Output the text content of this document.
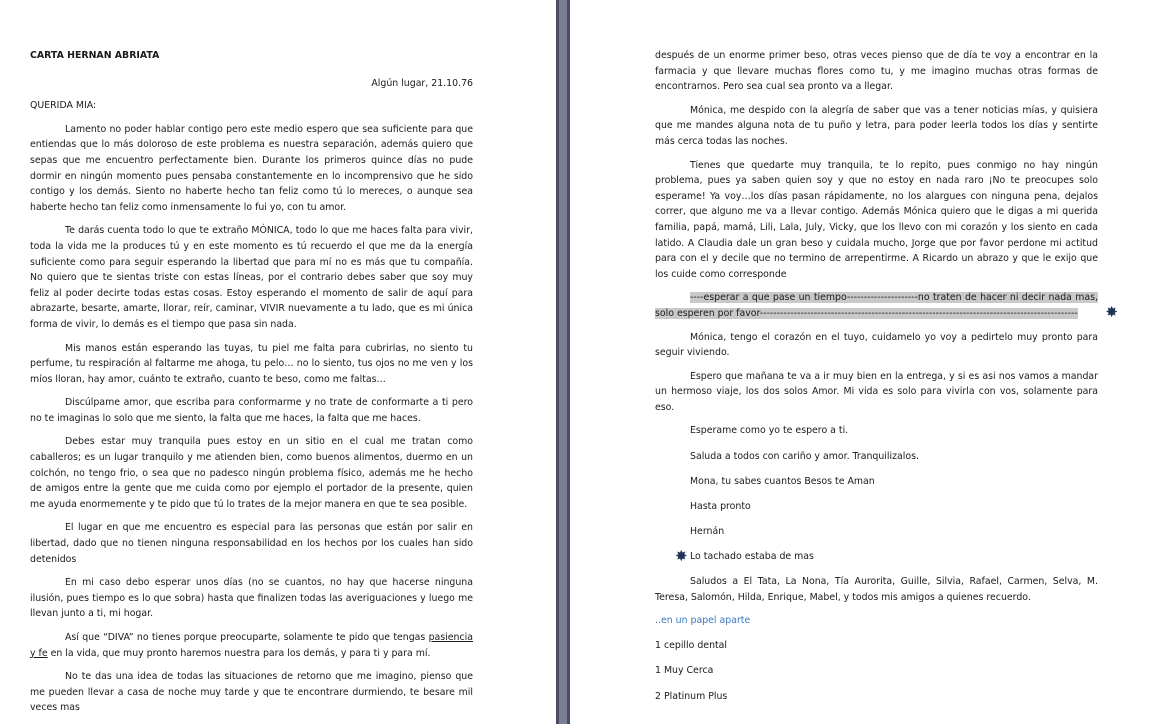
CARTA HERNAN ABRIATA

Algún lugar, 21.10.76

QUERIDA MIA:

Lamento no poder hablar contigo pero este medio espero que sea suficiente para que entiendas que lo más doloroso de este problema es nuestra separación, además quiero que sepas que me encuentro perfectamente bien. Durante los primeros quince días no pude dormir en ningún momento pues pensaba constantemente en lo incomprensivo que he sido contigo y los demás. Siento no haberte hecho tan feliz como tú lo mereces, o aunque sea haberte hecho tan feliz como inmensamente lo fui yo, con tu amor.

Te darás cuenta todo lo que te extraño MÓNICA, todo lo que me haces falta para vivir, toda la vida me la produces tú y en este momento es tú recuerdo el que me da la energía suficiente como para seguir esperando la libertad que para mí no es más que tu compañía. No quiero que te sientas triste con estas líneas, por el contrario debes saber que soy muy feliz al poder decirte todas estas cosas. Estoy esperando el momento de salir de aquí para abrazarte, besarte, amarte, llorar, reír, caminar, VIVIR nuevamente a tu lado, que es mi única forma de vivir, lo demás es el tiempo que pasa sin nada.

Mis manos están esperando las tuyas, tu piel me falta para cubrirlas, no siento tu perfume, tu respiración al faltarme me ahoga, tu pelo… no lo siento, tus ojos no me ven y los míos lloran, hay amor, cuánto te extraño, cuanto te beso, como me faltas…

Discúlpame amor, que escriba para conformarme y no trate de conformarte a ti pero no te imaginas lo solo que me siento, la falta que me haces, la falta que me haces.

Debes estar muy tranquila pues estoy en un sitio en el cual me tratan como caballeros; es un lugar tranquilo y me atienden bien, como buenos alimentos, duermo en un colchón, no tengo frio, o sea que no padesco ningún problema físico, además me he hecho de amigos entre la gente que me cuida como por ejemplo el portador de la presente, quien me ayuda enormemente y te pido que tú lo trates de la mejor manera en que te sea posible.

El lugar en que me encuentro es especial para las personas que están por salir en libertad, dado que no tienen ninguna responsabilidad en los hechos por los cuales han sido detenidos

En mi caso debo esperar unos días (no se cuantos, no hay que hacerse ninguna ilusión, pues tiempo es lo que sobra) hasta que finalizen todas las averiguaciones y luego me llevan junto a ti, mi hogar.

Así que “DIVA” no tienes porque preocuparte, solamente te pido que tengas pasiencia y fe en la vida, que muy pronto haremos nuestra para los demás, y para ti y para mí.

No te das una idea de todas las situaciones de retorno que me imagino, pienso que me pueden llevar a casa de noche muy tarde y que te encontrare durmiendo, te besare mil veces mas

después de un enorme primer beso, otras veces pienso que de día te voy a encontrar en la farmacia y que llevare muchas flores como tu, y me imagino muchas otras formas de encontrarnos. Pero sea cual sea pronto va a llegar.

Mónica, me despido con la alegría de saber que vas a tener noticias mías, y quisiera que me mandes alguna nota de tu puño y letra, para poder leerla todos los días y sentirte más cerca todas las noches.

Tienes que quedarte muy tranquila, te lo repito, pues conmigo no hay ningún problema, pues ya saben quien soy y que no estoy en nada raro ¡No te preocupes solo esperame! Ya voy…los días pasan rápidamente, no los alargues con ninguna pena, dejalos correr, que alguno me va a llevar contigo. Además Mónica quiero que le digas a mi querida familia, papá, mamá, Lili, Lala, July, Vicky, que los llevo con mi corazón y los siento en cada latido. A Claudia dale un gran beso y cuidala mucho, Jorge que por favor perdone mi actitud para con el y decile que no termino de arrepentirme. A Ricardo un abrazo y que le exijo que los cuide como corresponde

----esperar a que pase un tiempo---------------------no traten de hacer ni decir nada mas, solo esperen por favor----------------------------------------------------------------------------------------------	✸

Mónica, tengo el corazón en el tuyo, cuidamelo yo voy a pedirtelo muy pronto para seguir viviendo.

Espero que mañana te va a ir muy bien en la entrega, y si es asi nos vamos a mandar un hermoso viaje, los dos solos Amor. Mi vida es solo para vivirla con vos, solamente para eso.

Esperame como yo te espero a ti.

Saluda a todos con cariño y amor. Tranquilizalos.

Mona, tu sabes cuantos Besos te Aman

Hasta pronto

Hernán

✸ Lo tachado estaba de mas

Saludos a El Tata, La Nona, Tía Aurorita, Guille, Silvia, Rafael, Carmen, Selva, M. Teresa, Salomón, Hilda, Enrique, Mabel, y todos mis amigos a quienes recuerdo.

..en un papel aparte

1 cepillo dental

1 Muy Cerca

2 Platinum Plus
